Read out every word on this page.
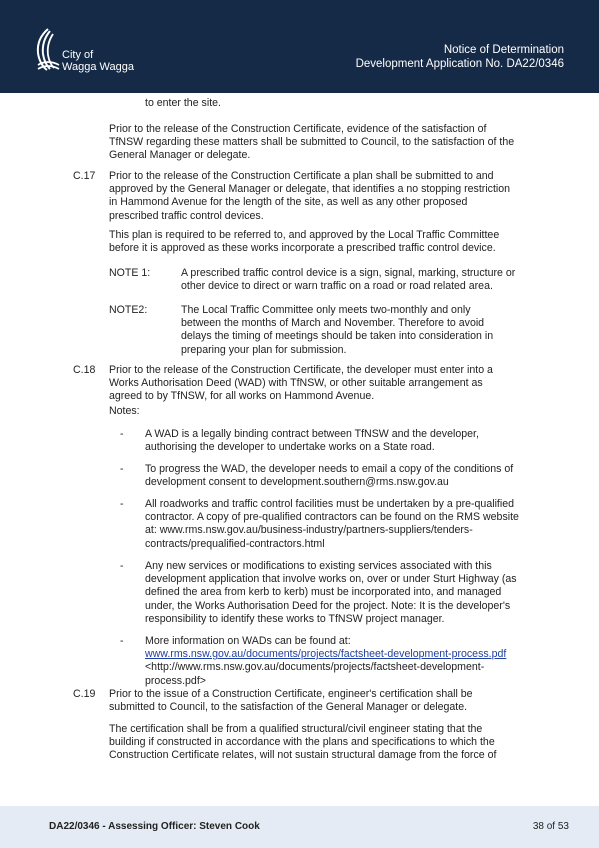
City of
Wagga Wagga
Notice of Determination
Development Application No. DA22/0346
to enter the site.
Prior to the release of the Construction Certificate, evidence of the satisfaction of TfNSW regarding these matters shall be submitted to Council, to the satisfaction of the General Manager or delegate.
C.17 Prior to the release of the Construction Certificate a plan shall be submitted to and approved by the General Manager or delegate, that identifies a no stopping restriction in Hammond Avenue for the length of the site, as well as any other proposed prescribed traffic control devices.
This plan is required to be referred to, and approved by the Local Traffic Committee before it is approved as these works incorporate a prescribed traffic control device.
NOTE 1:	A prescribed traffic control device is a sign, signal, marking, structure or other device to direct or warn traffic on a road or road related area.
NOTE2:	The Local Traffic Committee only meets two-monthly and only between the months of March and November. Therefore to avoid delays the timing of meetings should be taken into consideration in preparing your plan for submission.
C.18 Prior to the release of the Construction Certificate, the developer must enter into a Works Authorisation Deed (WAD) with TfNSW, or other suitable arrangement as agreed to by TfNSW, for all works on Hammond Avenue.
Notes:
- A WAD is a legally binding contract between TfNSW and the developer, authorising the developer to undertake works on a State road.
- To progress the WAD, the developer needs to email a copy of the conditions of development consent to development.southern@rms.nsw.gov.au
- All roadworks and traffic control facilities must be undertaken by a pre-qualified contractor. A copy of pre-qualified contractors can be found on the RMS website at: www.rms.nsw.gov.au/business-industry/partners-suppliers/tenders-contracts/prequalified-contractors.html
- Any new services or modifications to existing services associated with this development application that involve works on, over or under Sturt Highway (as defined the area from kerb to kerb) must be incorporated into, and managed under, the Works Authorisation Deed for the project. Note: It is the developer's responsibility to identify these works to TfNSW project manager.
- More information on WADs can be found at:
www.rms.nsw.gov.au/documents/projects/factsheet-development-process.pdf
<http://www.rms.nsw.gov.au/documents/projects/factsheet-development-process.pdf>
C.19 Prior to the issue of a Construction Certificate, engineer's certification shall be submitted to Council, to the satisfaction of the General Manager or delegate.
The certification shall be from a qualified structural/civil engineer stating that the building if constructed in accordance with the plans and specifications to which the Construction Certificate relates, will not sustain structural damage from the force of
DA22/0346 - Assessing Officer: Steven Cook	38 of 53
